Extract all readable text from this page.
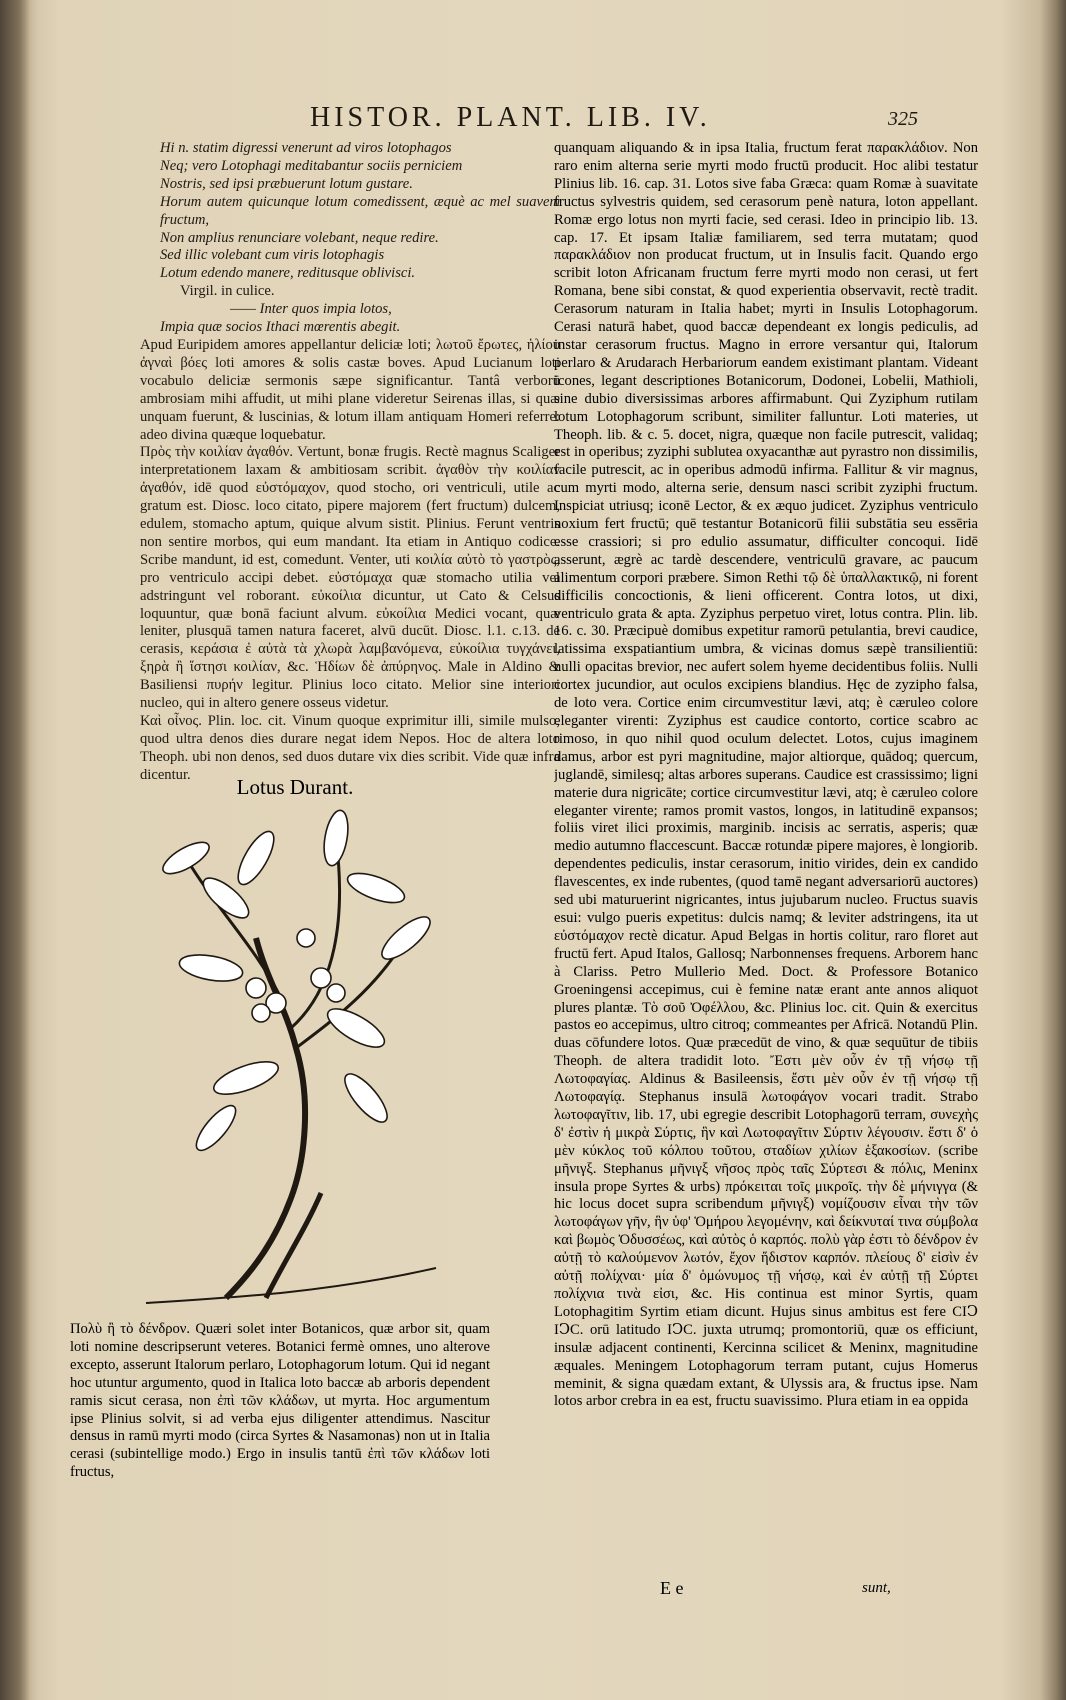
HISTOR. PLANT. LIB. IV.	325

Hi n. statim digressi venerunt ad viros lotophagos

Neq; vero Lotophagi meditabantur sociis perniciem

Nostris, sed ipsi præbuerunt lotum gustare.

Horum autem quicunque lotum comedissent, æquè ac mel suavem fructum,

Non amplius renunciare volebant, neque redire.

Sed illic volebant cum viris lotophagis

Lotum edendo manere, reditusque oblivisci.

Virgil. in culice.

—— Inter quos impia lotos,

Impia quæ socios Ithaci mœrentis abegit.

Apud Euripidem amores appellantur deliciæ loti; λωτοῦ ἔρωτες, ἡλίου ἀγναὶ βόες loti amores & solis castæ boves. Apud Lucianum loti vocabulo deliciæ sermonis sæpe significantur. Tantâ verborū ambrosiam mihi affudit, ut mihi plane videretur Seirenas illas, si quæ unquam fuerunt, & luscinias, & lotum illam antiquam Homeri referre: adeo divina quæque loquebatur.

Πρὸς τὴν κοιλίαν ἀγαθόν. Vertunt, bonæ frugis. Rectè magnus Scaliger interpretationem laxam & ambitiosam scribit. ἀγαθὸν τὴν κοιλίαν ἀγαθόν, idē quod εὐστόμαχον, quod stocho, ori ventriculi, utile ac gratum est. Diosc. loco citato, pipere majorem (fert fructum) dulcem, edulem, stomacho aptum, quique alvum sistit. Plinius. Ferunt ventris non sentire morbos, qui eum mandant. Ita etiam in Antiquo codice. Scribe mandunt, id est, comedunt. Venter, uti κοιλία αὐτὸ τὸ γαστρὸς, pro ventriculo accipi debet. εὐστόμαχα quæ stomacho utilia vel adstringunt vel roborant. εὐκοίλια dicuntur, ut Cato & Celsus loquuntur, quæ bonā faciunt alvum. εὐκοίλια Medici vocant, quæ leniter, plusquā tamen natura faceret, alvū ducūt. Diosc. l.1. c.13. de cerasis, κεράσια ἐ αὐτὰ τὰ χλωρὰ λαμβανόμενα, εὐκοίλια τυγχάνει, ξηρὰ ἢ ἵστησι κοιλίαν, &c. Ἡδίων δὲ ἀπύρηνος. Male in Aldino & Basiliensi πυρήν legitur. Plinius loco citato. Melior sine interiori nucleo, qui in altero genere osseus videtur.

Καὶ οἶνος. Plin. loc. cit. Vinum quoque exprimitur illi, simile mulso, quod ultra denos dies durare negat idem Nepos. Hoc de altera loto Theoph. ubi non denos, sed duos dutare vix dies scribit. Vide quæ infra dicentur.

Lotus Durant.
Πολὺ ἢ τὸ δένδρον. Quæri solet inter Botanicos, quæ arbor sit, quam loti nomine descripserunt veteres. Botanici fermè omnes, uno alterove excepto, asserunt Italorum perlaro, Lotophagorum lotum. Qui id negant hoc utuntur argumento, quod in Italica loto baccæ ab arboris dependent ramis sicut cerasa, non ἐπὶ τῶν κλάδων, ut myrta. Hoc argumentum ipse Plinius solvit, si ad verba ejus diligenter attendimus. Nascitur densus in ramū myrti modo (circa Syrtes & Nasamonas) non ut in Italia cerasi (subintellige modo.) Ergo in insulis tantū ἐπὶ τῶν κλάδων loti fructus,
quanquam aliquando & in ipsa Italia, fructum ferat παρακλάδιον. Non raro enim alterna serie myrti modo fructū producit. Hoc alibi testatur Plinius lib. 16. cap. 31. Lotos sive faba Græca: quam Romæ à suavitate fructus sylvestris quidem, sed cerasorum penè natura, loton appellant. Romæ ergo lotus non myrti facie, sed cerasi. Ideo in principio lib. 13. cap. 17. Et ipsam Italiæ familiarem, sed terra mutatam; quod παρακλάδιον non producat fructum, ut in Insulis facit. Quando ergo scribit loton Africanam fructum ferre myrti modo non cerasi, ut fert Romana, bene sibi constat, & quod experientia observavit, rectè tradit. Cerasorum naturam in Italia habet; myrti in Insulis Lotophagorum. Cerasi naturā habet, quod baccæ dependeant ex longis pediculis, ad instar cerasorum fructus. Magno in errore versantur qui, Italorum perlaro & Arudarach Herbariorum eandem existimant plantam. Videant icones, legant descriptiones Botanicorum, Dodonei, Lobelii, Mathioli, sine dubio diversissimas arbores affirmabunt. Qui Zyziphum rutilam lotum Lotophagorum scribunt, similiter falluntur. Loti materies, ut Theoph. lib. & c. 5. docet, nigra, quæque non facile putrescit, validaq; est in operibus; zyziphi sublutea oxyacanthæ aut pyrastro non dissimilis, facile putrescit, ac in operibus admodū infirma. Fallitur & vir magnus, cum myrti modo, alterna serie, densum nasci scribit zyziphi fructum. Inspiciat utriusq; iconē Lector, & ex æquo judicet. Zyziphus ventriculo noxium fert fructū; quē testantur Botanicorū filii substātia seu essēria esse crassiori; si pro edulio assumatur, difficulter concoqui. Iidē asserunt, ægrè ac tardè descendere, ventriculū gravare, ac paucum alimentum corpori præbere. Simon Rethi τῷ δὲ ὑπαλλακτικῷ, ni forent difficilis concoctionis, & lieni officerent. Contra lotos, ut dixi, ventriculo grata & apta. Zyziphus perpetuo viret, lotus contra. Plin. lib. 16. c. 30. Præcipuè domibus expetitur ramorū petulantia, brevi caudice, latissima exspatiantium umbra, & vicinas domus sæpè transilientiū: nulli opacitas brevior, nec aufert solem hyeme decidentibus foliis. Nulli cortex jucundior, aut oculos excipiens blandius. Hęc de zyzipho falsa, de loto vera. Cortice enim circumvestitur lævi, atq; è cæruleo colore eleganter virenti: Zyziphus est caudice contorto, cortice scabro ac rimoso, in quo nihil quod oculum delectet. Lotos, cujus imaginem damus, arbor est pyri magnitudine, major altiorque, quādoq; quercum, juglandē, similesq; altas arbores superans. Caudice est crassissimo; ligni materie dura nigricāte; cortice circumvestitur lævi, atq; è cæruleo colore eleganter virente; ramos promit vastos, longos, in latitudinē expansos; foliis viret ilici proximis, marginib. incisis ac serratis, asperis; quæ medio autumno flaccescunt. Baccæ rotundæ pipere majores, è longiorib. dependentes pediculis, instar cerasorum, initio virides, dein ex candido flavescentes, ex inde rubentes, (quod tamē negant adversariorū auctores) sed ubi maturuerint nigricantes, intus jujubarum nucleo. Fructus suavis esui: vulgo pueris expetitus: dulcis namq; & leviter adstringens, ita ut εὐστόμαχον rectè dicatur. Apud Belgas in hortis colitur, raro floret aut fructū fert. Apud Italos, Gallosq; Narbonnenses frequens. Arborem hanc à Clariss. Petro Mullerio Med. Doct. & Professore Botanico Groeningensi accepimus, cui è femine natæ erant ante annos aliquot plures plantæ. Τὸ σοῦ Ὀφέλλου, &c. Plinius loc. cit. Quin & exercitus pastos eo accepimus, ultro citroq; commeantes per Africā. Notandū Plin. duas cōfundere lotos. Quæ præcedūt de vino, & quæ sequūtur de tibiis Theoph. de altera tradidit loto. Ἔστι μὲν οὖν ἐν τῇ νήσῳ τῇ Λωτοφαγίας. Aldinus & Basileensis, ἔστι μὲν οὖν ἐν τῇ νήσῳ τῇ Λωτοφαγίᾳ. Stephanus insulā λωτοφάγον vocari tradit. Strabo λωτοφαγῖτιν, lib. 17, ubi egregie describit Lotophagorū terram, συνεχὴς δ' ἐστὶν ἡ μικρὰ Σύρτις, ἣν καὶ Λωτοφαγῖτιν Σύρτιν λέγουσιν. ἔστι δ' ὁ μὲν κύκλος τοῦ κόλπου τοῦτου, σταδίων χιλίων ἑξακοσίων. (scribe μῆνιγξ. Stephanus μῆνιγξ νῆσος πρὸς ταῖς Σύρτεσι & πόλις, Meninx insula prope Syrtes & urbs) πρόκειται τοῖς μικροῖς. τὴν δὲ μήνιγγα (& hic locus docet supra scribendum μῆνιγξ) νομίζουσιν εἶναι τὴν τῶν λωτοφάγων γῆν, ἣν ὑφ' Ὁμήρου λεγομένην, καὶ δείκνυταί τινα σύμβολα καὶ βωμὸς Ὀδυσσέως, καὶ αὐτὸς ὁ καρπός. πολὺ γὰρ ἐστι τὸ δένδρον ἐν αὐτῇ τὸ καλούμενον λωτόν, ἔχον ἥδιστον καρπόν. πλείους δ' εἰσὶν ἐν αὐτῇ πολίχναι· μία δ' ὁμώνυμος τῇ νήσῳ, καὶ ἐν αὐτῇ τῇ Σύρτει πολίχνια τινὰ εἰσι, &c. His continua est minor Syrtis, quam Lotophagitim Syrtim etiam dicunt. Hujus sinus ambitus est fere CIↃ IↃC. orū latitudo IↃC. juxta utrumq; promontoriū, quæ os efficiunt, insulæ adjacent continenti, Kercinna scilicet & Meninx, magnitudine æquales. Meningem Lotophagorum terram putant, cujus Homerus meminit, & signa quædam extant, & Ulyssis ara, & fructus ipse. Nam lotos arbor crebra in ea est, fructu suavissimo. Plura etiam in ea oppida
E e	sunt,
